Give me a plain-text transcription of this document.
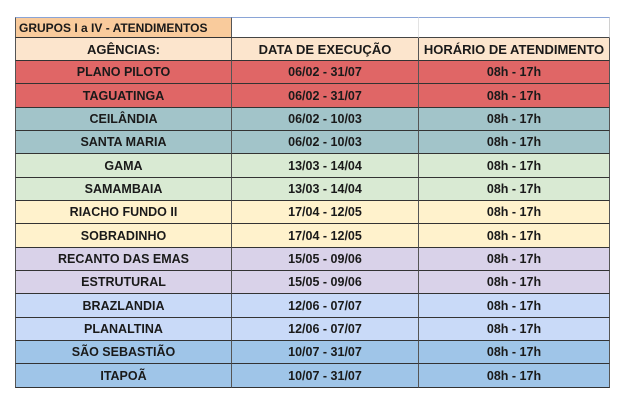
GRUPOS I a IV - ATENDIMENTOS
AGÊNCIAS:	DATA DE EXECUÇÃO	HORÁRIO DE ATENDIMENTO
PLANO PILOTO	06/02 - 31/07	08h - 17h
TAGUATINGA	06/02 - 31/07	08h - 17h
CEILÂNDIA	06/02 - 10/03	08h - 17h
SANTA MARIA	06/02 - 10/03	08h - 17h
GAMA	13/03 - 14/04	08h - 17h
SAMAMBAIA	13/03 - 14/04	08h - 17h
RIACHO FUNDO II	17/04 - 12/05	08h - 17h
SOBRADINHO	17/04 - 12/05	08h - 17h
RECANTO DAS EMAS	15/05 - 09/06	08h - 17h
ESTRUTURAL	15/05 - 09/06	08h - 17h
BRAZLANDIA	12/06 - 07/07	08h - 17h
PLANALTINA	12/06 - 07/07	08h - 17h
SÃO SEBASTIÃO	10/07 - 31/07	08h - 17h
ITAPOÃ	10/07 - 31/07	08h - 17h
